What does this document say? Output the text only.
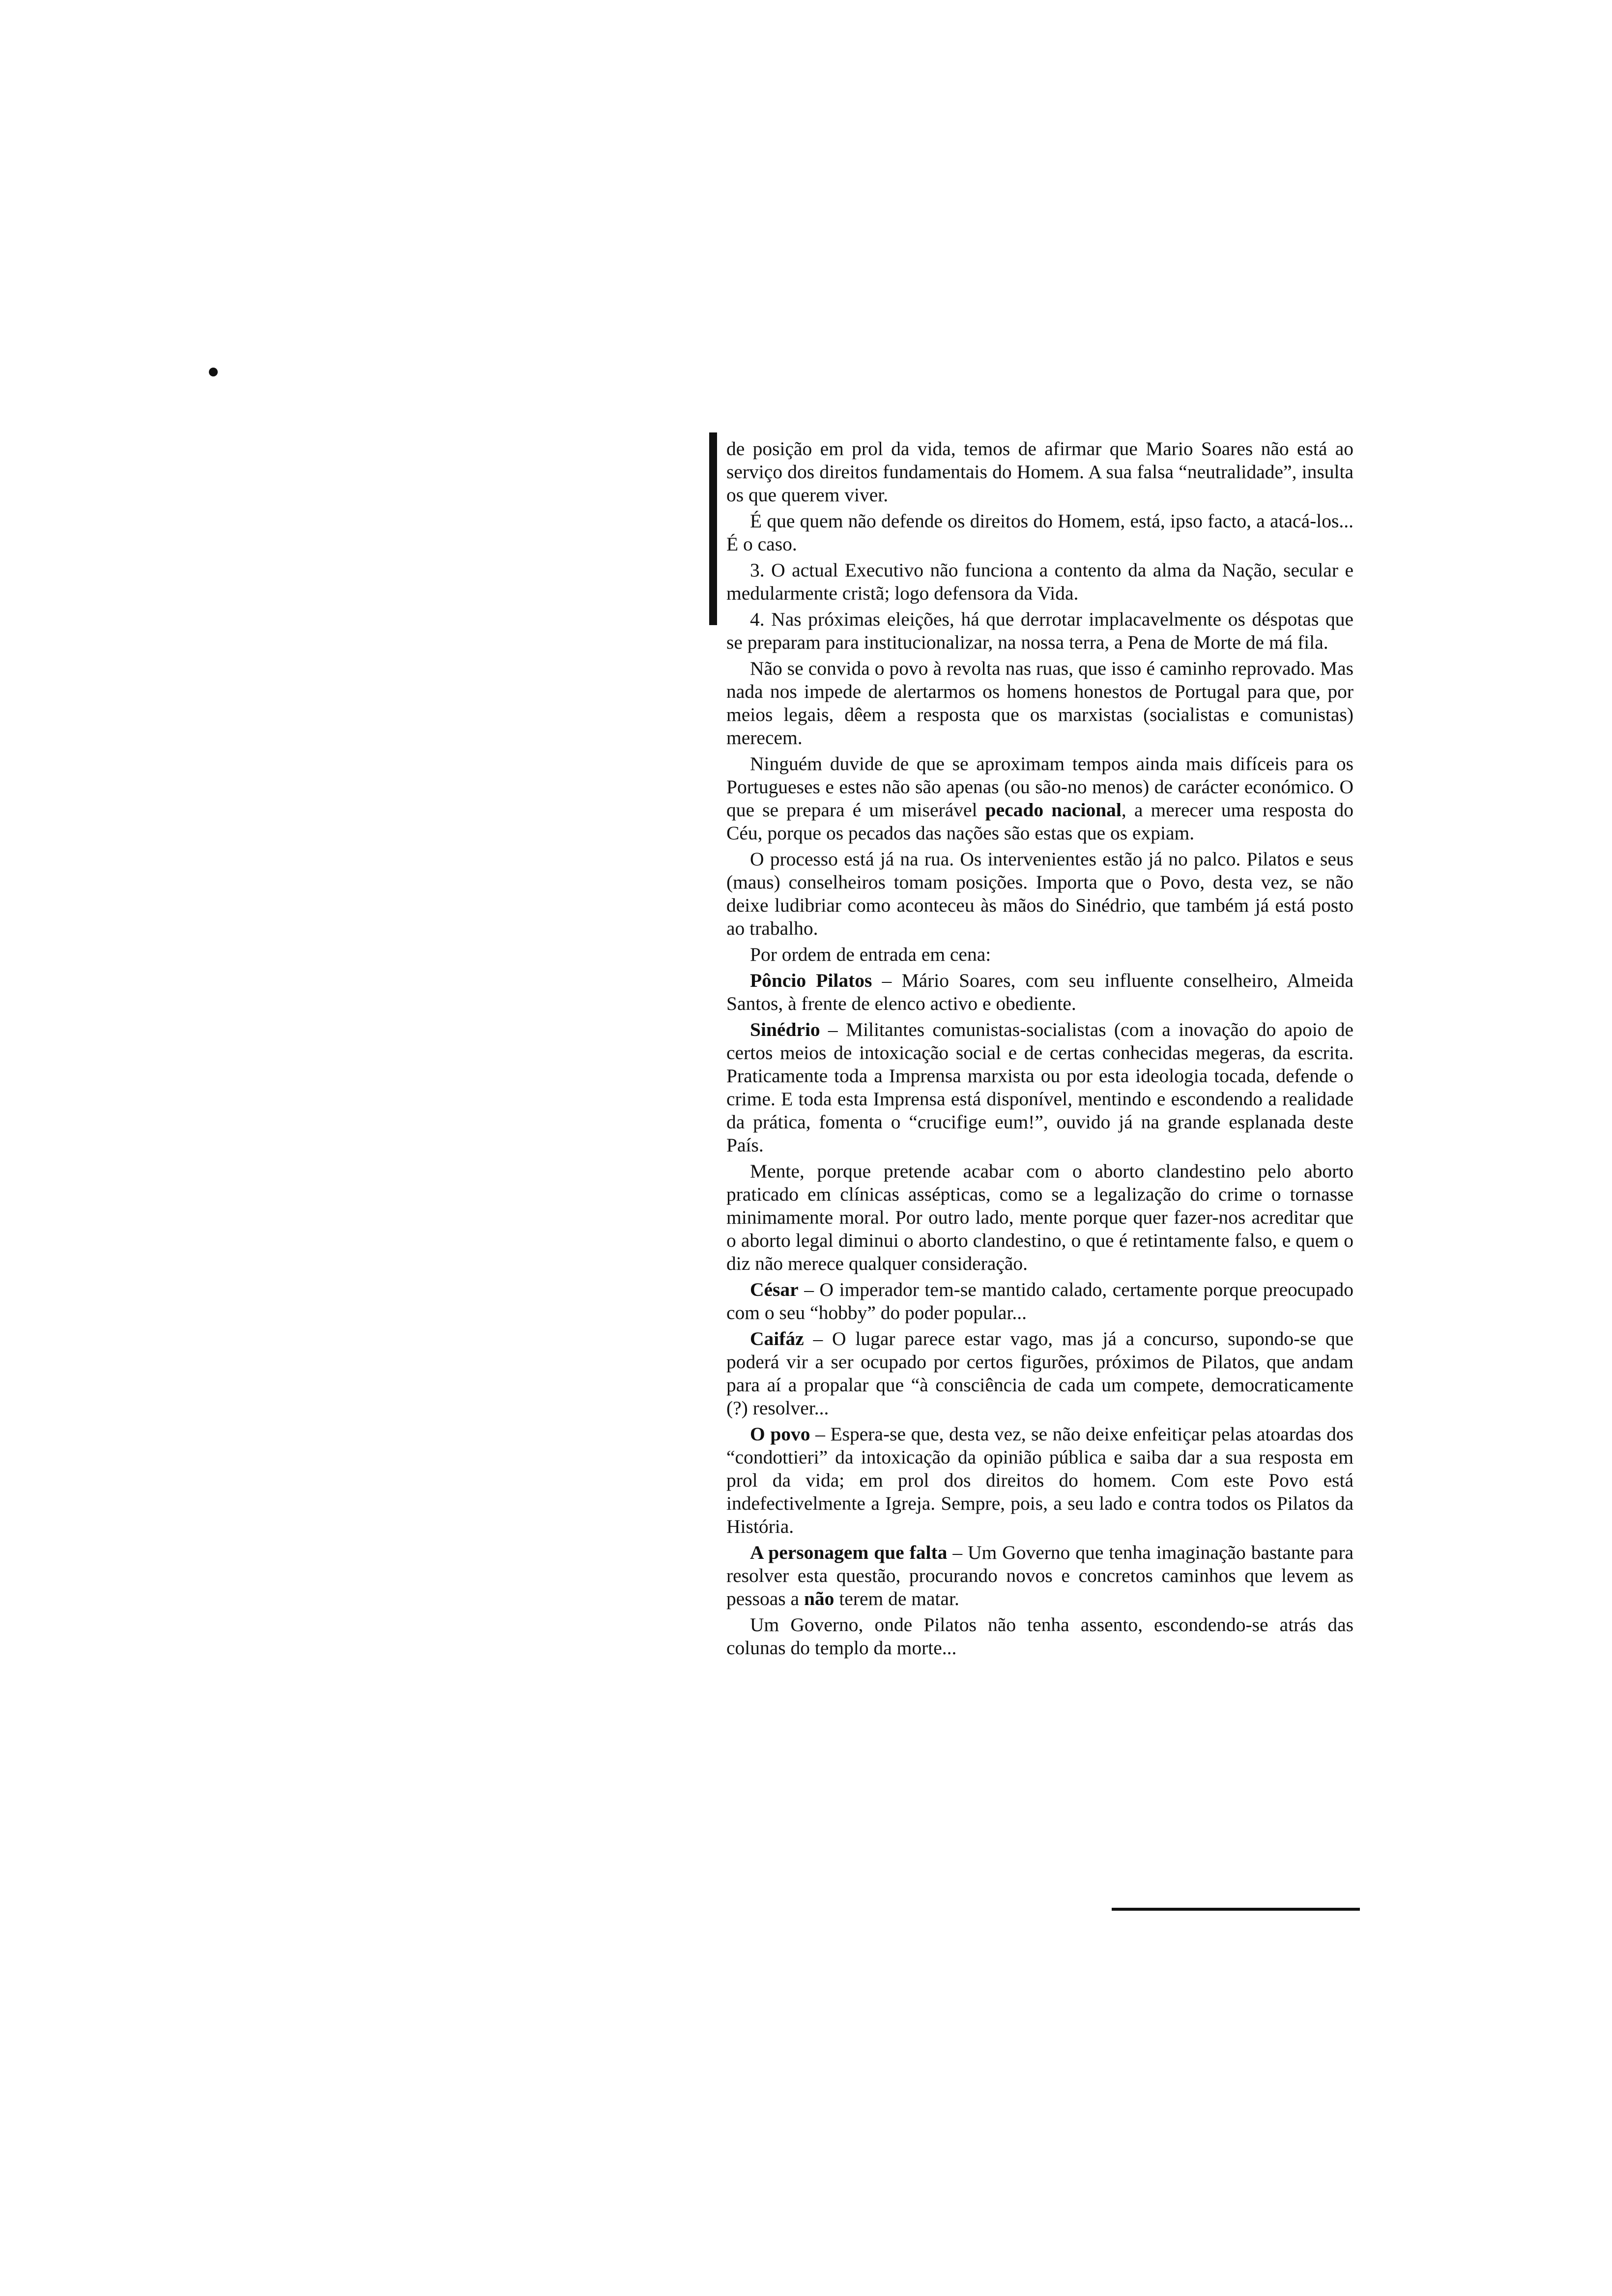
de posição em prol da vida, temos de afirmar que Mario Soares não está ao serviço dos direitos fundamentais do Homem. A sua falsa “neutralidade”, insulta os que querem viver.

É que quem não defende os direitos do Homem, está, ipso facto, a atacá-los... É o caso.

3. O actual Executivo não funciona a contento da alma da Nação, secular e medularmente cristã; logo defensora da Vida.

4. Nas próximas eleições, há que derrotar implacavelmente os déspotas que se preparam para institucionalizar, na nossa terra, a Pena de Morte de má fila.

Não se convida o povo à revolta nas ruas, que isso é caminho reprovado. Mas nada nos impede de alertarmos os homens honestos de Portugal para que, por meios legais, dêem a resposta que os marxistas (socialistas e comunistas) merecem.

Ninguém duvide de que se aproximam tempos ainda mais difíceis para os Portugueses e estes não são apenas (ou são-no menos) de carácter económico. O que se prepara é um miserável pecado nacional, a merecer uma resposta do Céu, porque os pecados das nações são estas que os expiam.

O processo está já na rua. Os intervenientes estão já no palco. Pilatos e seus (maus) conselheiros tomam posições. Importa que o Povo, desta vez, se não deixe ludibriar como aconteceu às mãos do Sinédrio, que também já está posto ao trabalho.

Por ordem de entrada em cena:

Pôncio Pilatos – Mário Soares, com seu influente conselheiro, Almeida Santos, à frente de elenco activo e obediente.

Sinédrio – Militantes comunistas-socialistas (com a inovação do apoio de certos meios de intoxicação social e de certas conhecidas megeras, da escrita. Praticamente toda a Imprensa marxista ou por esta ideologia tocada, defende o crime. E toda esta Imprensa está disponível, mentindo e escondendo a realidade da prática, fomenta o “crucifige eum!”, ouvido já na grande esplanada deste País.

Mente, porque pretende acabar com o aborto clandestino pelo aborto praticado em clínicas assépticas, como se a legalização do crime o tornasse minimamente moral. Por outro lado, mente porque quer fazer-nos acreditar que o aborto legal diminui o aborto clandestino, o que é retintamente falso, e quem o diz não merece qualquer consideração.

César – O imperador tem-se mantido calado, certamente porque preocupado com o seu “hobby” do poder popular...

Caifáz – O lugar parece estar vago, mas já a concurso, supondo-se que poderá vir a ser ocupado por certos figurões, próximos de Pilatos, que andam para aí a propalar que “à consciência de cada um compete, democraticamente (?) resolver...

O povo – Espera-se que, desta vez, se não deixe enfeitiçar pelas atoardas dos “condottieri” da intoxicação da opinião pública e saiba dar a sua resposta em prol da vida; em prol dos direitos do homem. Com este Povo está indefectivelmente a Igreja. Sempre, pois, a seu lado e contra todos os Pilatos da História.

A personagem que falta – Um Governo que tenha imaginação bastante para resolver esta questão, procurando novos e concretos caminhos que levem as pessoas a não terem de matar.

Um Governo, onde Pilatos não tenha assento, escondendo-se atrás das colunas do templo da morte...
